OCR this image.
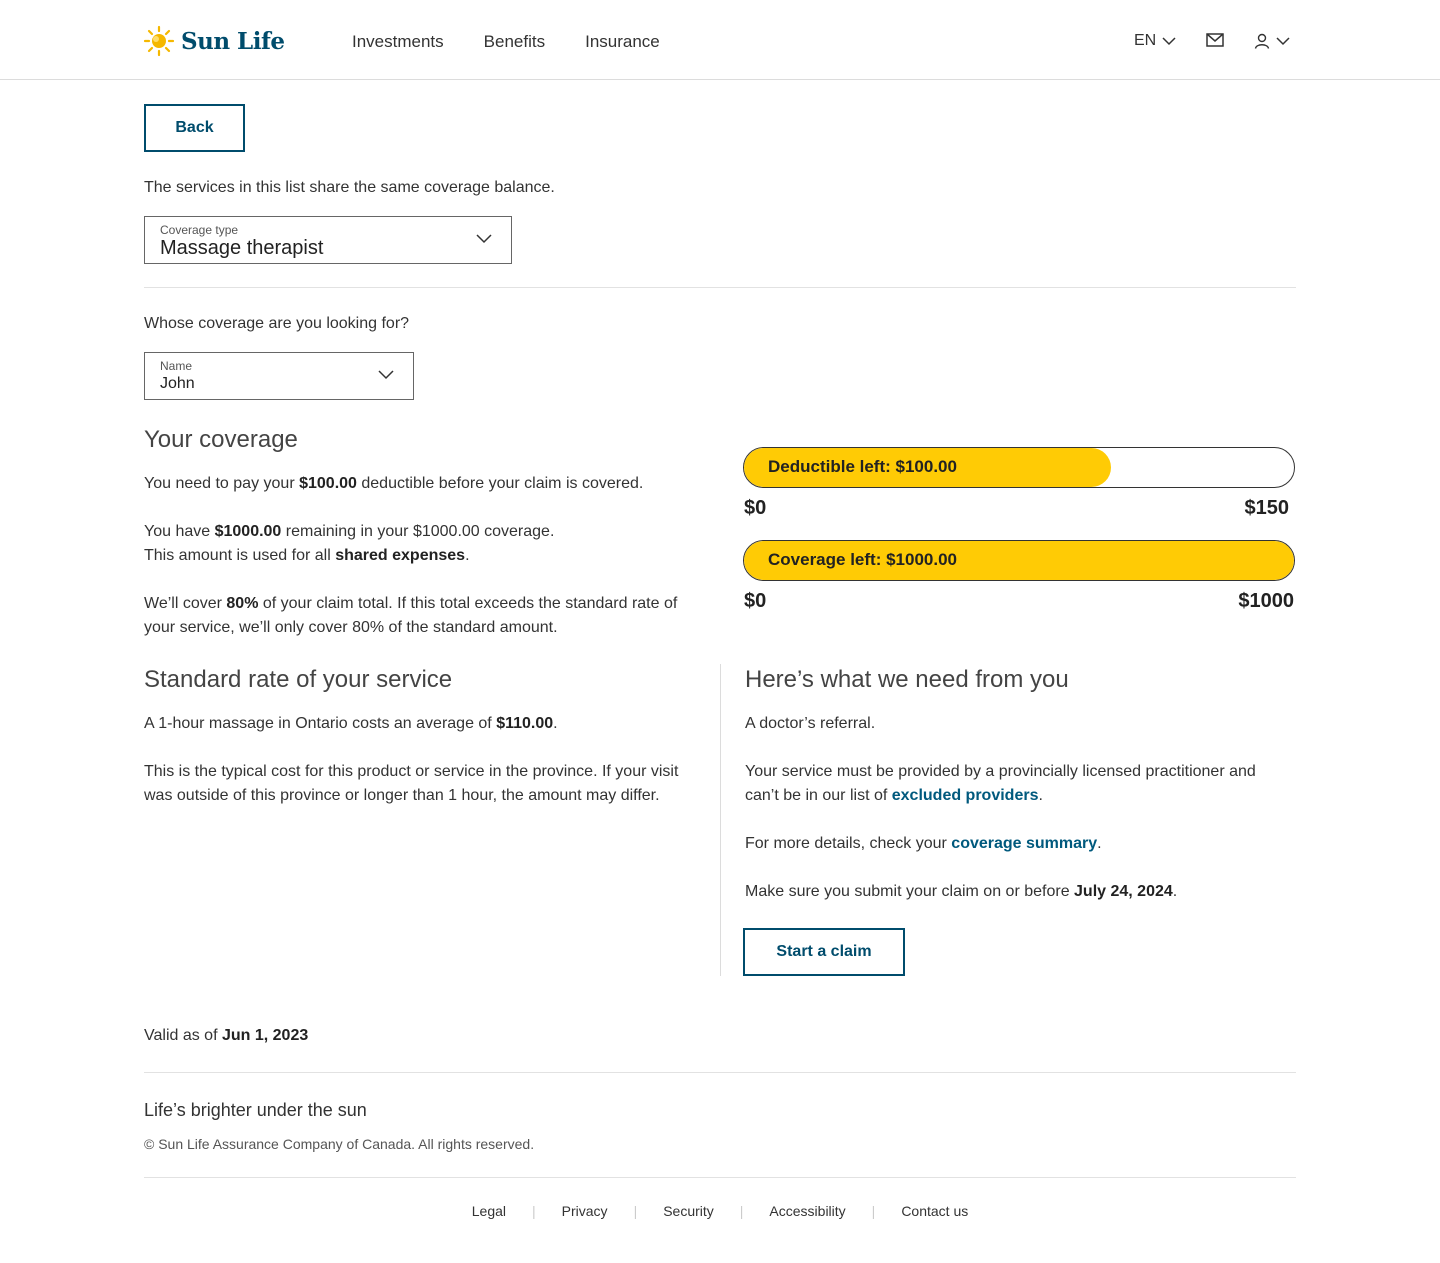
Sun Life	Investments Benefits Insurance	EN
Back
The services in this list share the same coverage balance.
Coverage type
Massage therapist
Whose coverage are you looking for?
Name
John
Your coverage
You need to pay your $100.00 deductible before your claim is covered.
You have $1000.00 remaining in your $1000.00 coverage.
This amount is used for all shared expenses.
We’ll cover 80% of your claim total. If this total exceeds the standard rate of
your service, we’ll only cover 80% of the standard amount.
Deductible left: $100.00
$0	$150
Coverage left: $1000.00
$0	$1000
Standard rate of your service
A 1-hour massage in Ontario costs an average of $110.00.
This is the typical cost for this product or service in the province. If your visit
was outside of this province or longer than 1 hour, the amount may differ.
Here’s what we need from you
A doctor’s referral.
Your service must be provided by a provincially licensed practitioner and
can’t be in our list of excluded providers.
For more details, check your coverage summary.
Make sure you submit your claim on or before July 24, 2024.
Start a claim
Valid as of Jun 1, 2023
Life’s brighter under the sun
© Sun Life Assurance Company of Canada. All rights reserved.
Legal | Privacy | Security | Accessibility | Contact us
